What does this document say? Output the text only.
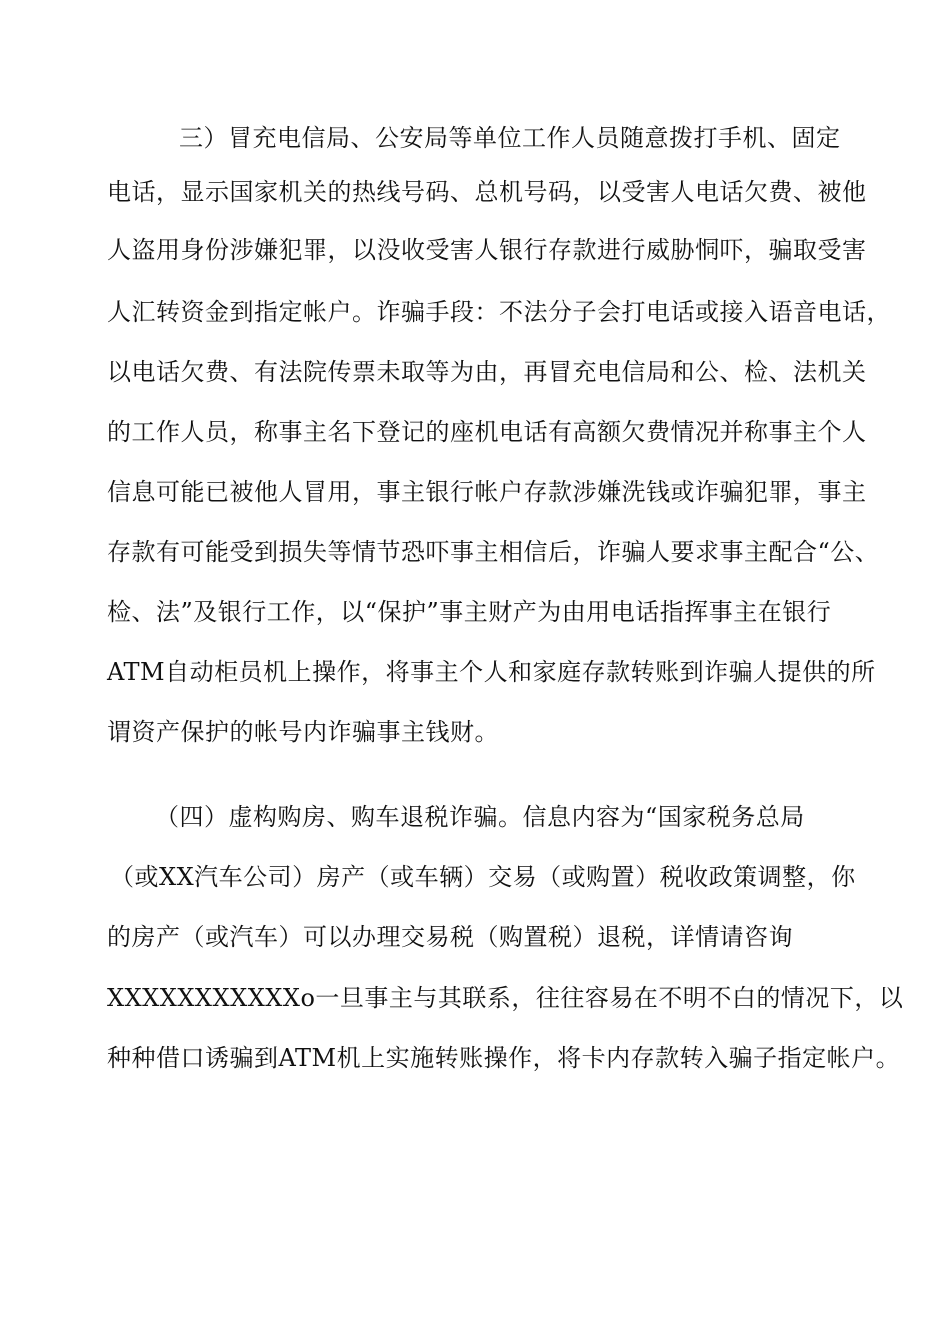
三）冒充电信局、公安局等单位工作人员随意拨打手机、固定
电话，显示国家机关的热线号码、总机号码，以受害人电话欠费、被他
人盗用身份涉嫌犯罪，以没收受害人银行存款进行威胁恫吓，骗取受害
人汇转资金到指定帐户。诈骗手段：不法分子会打电话或接入语音电话，
以电话欠费、有法院传票未取等为由，再冒充电信局和公、检、法机关
的工作人员，称事主名下登记的座机电话有高额欠费情况并称事主个人
信息可能已被他人冒用，事主银行帐户存款涉嫌洗钱或诈骗犯罪，事主
存款有可能受到损失等情节恐吓事主相信后，诈骗人要求事主配合“公、
检、法”及银行工作，以“保护”事主财产为由用电话指挥事主在银行
ATM自动柜员机上操作，将事主个人和家庭存款转账到诈骗人提供的所
谓资产保护的帐号内诈骗事主钱财。
（四）虚构购房、购车退税诈骗。信息内容为“国家税务总局
（或XX汽车公司）房产（或车辆）交易（或购置）税收政策调整，你
的房产（或汽车）可以办理交易税（购置税）退税，详情请咨询
XXXXXXXXXXXo一旦事主与其联系，往往容易在不明不白的情况下，以
种种借口诱骗到ATM机上实施转账操作，将卡内存款转入骗子指定帐户。
